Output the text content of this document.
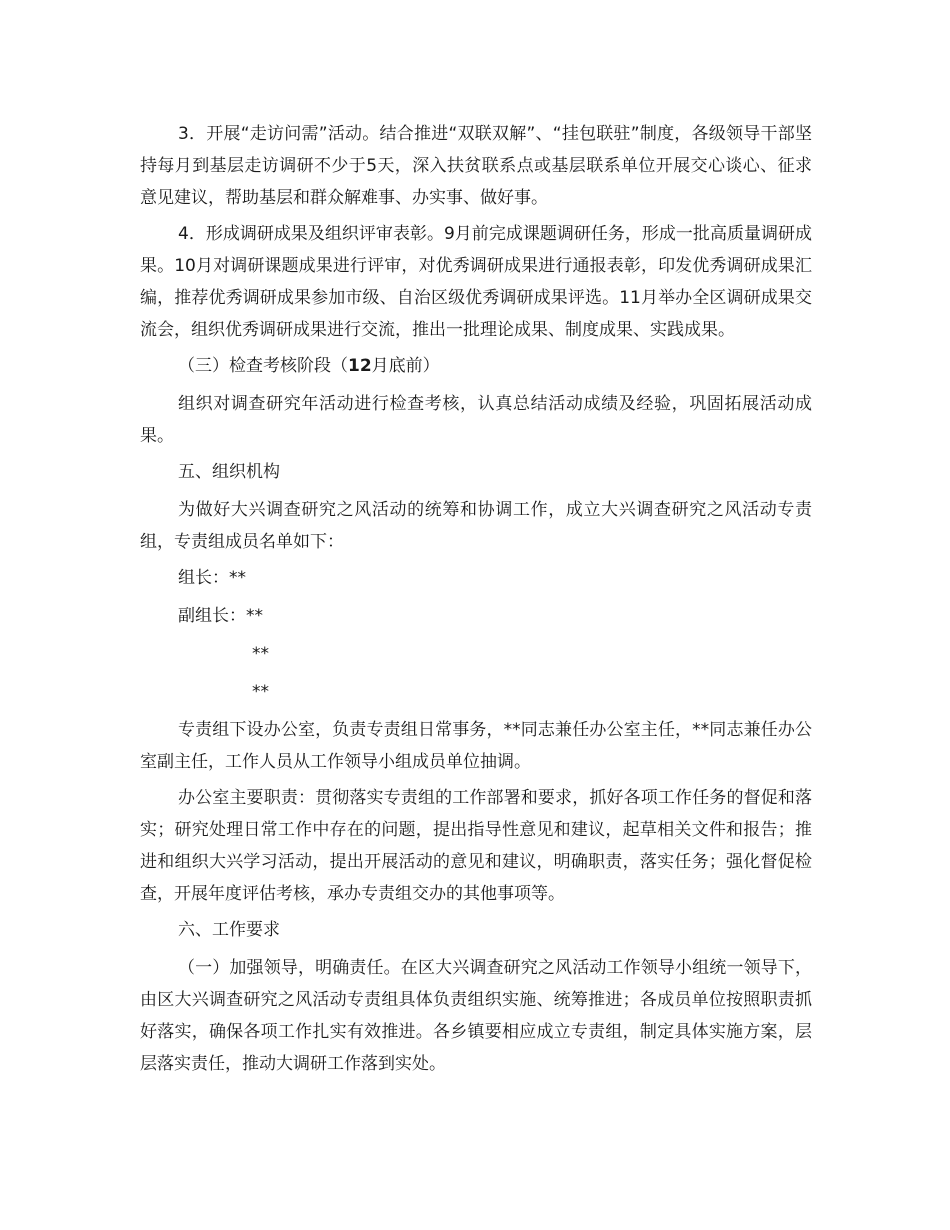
3．开展“走访问需”活动。结合推进“双联双解”、“挂包联驻”制度，各级领导干部坚持每月到基层走访调研不少于5天，深入扶贫联系点或基层联系单位开展交心谈心、征求意见建议，帮助基层和群众解难事、办实事、做好事。

4．形成调研成果及组织评审表彰。9月前完成课题调研任务，形成一批高质量调研成果。10月对调研课题成果进行评审，对优秀调研成果进行通报表彰，印发优秀调研成果汇编，推荐优秀调研成果参加市级、自治区级优秀调研成果评选。11月举办全区调研成果交流会，组织优秀调研成果进行交流，推出一批理论成果、制度成果、实践成果。

（三）检查考核阶段（12月底前）

组织对调查研究年活动进行检查考核，认真总结活动成绩及经验，巩固拓展活动成果。

五、组织机构

为做好大兴调查研究之风活动的统筹和协调工作，成立大兴调查研究之风活动专责组，专责组成员名单如下：

组长：**

副组长：**

**

**

专责组下设办公室，负责专责组日常事务，**同志兼任办公室主任，**同志兼任办公室副主任，工作人员从工作领导小组成员单位抽调。

办公室主要职责：贯彻落实专责组的工作部署和要求，抓好各项工作任务的督促和落实；研究处理日常工作中存在的问题，提出指导性意见和建议，起草相关文件和报告；推进和组织大兴学习活动，提出开展活动的意见和建议，明确职责，落实任务；强化督促检查，开展年度评估考核，承办专责组交办的其他事项等。

六、工作要求

（一）加强领导，明确责任。在区大兴调查研究之风活动工作领导小组统一领导下，由区大兴调查研究之风活动专责组具体负责组织实施、统筹推进；各成员单位按照职责抓好落实，确保各项工作扎实有效推进。各乡镇要相应成立专责组，制定具体实施方案，层层落实责任，推动大调研工作落到实处。
